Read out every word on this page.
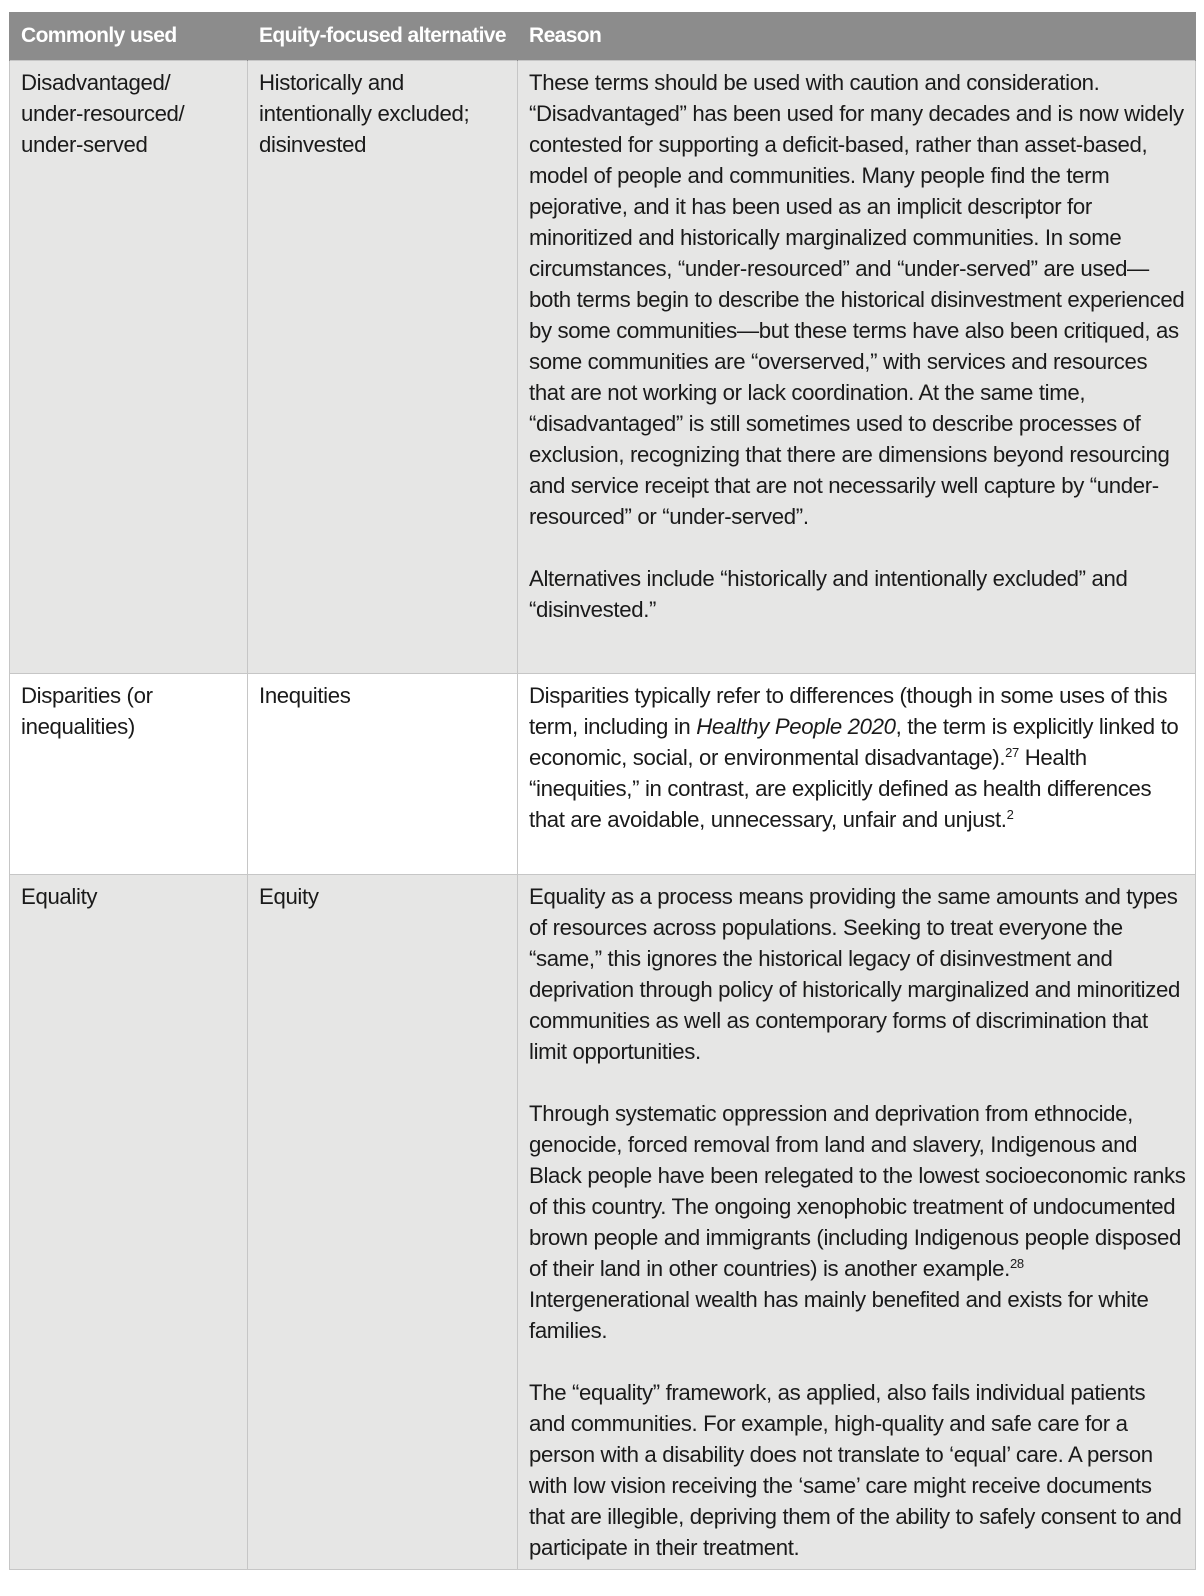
Commonly used	Equity-focused alternative	Reason
Disadvantaged/ under-resourced/ under-served	Historically and intentionally excluded; disinvested	These terms should be used with caution and consideration. “Disadvantaged” has been used for many decades and is now widely contested for supporting a deficit-based, rather than asset-based, model of people and communities. Many people find the term pejorative, and it has been used as an implicit descriptor for minoritized and historically marginalized communities. In some circumstances, “under-resourced” and “under-served” are used—both terms begin to describe the historical disinvestment experienced by some communities—but these terms have also been critiqued, as some communities are “overserved,” with services and resources that are not working or lack coordination. At the same time, “disadvantaged” is still sometimes used to describe processes of exclusion, recognizing that there are dimensions beyond resourcing and service receipt that are not necessarily well capture by “under-resourced” or “under-served”.

Alternatives include “historically and intentionally excluded” and “disinvested.”

Disparities (or inequalities)	Inequities	Disparities typically refer to differences (though in some uses of this term, including in Healthy People 2020, the term is explicitly linked to economic, social, or environmental disadvantage).$^{27}$ Health “inequities,” in contrast, are explicitly defined as health differences that are avoidable, unnecessary, unfair and unjust.$^2$

Equality	Equity	Equality as a process means providing the same amounts and types of resources across populations. Seeking to treat everyone the “same,” this ignores the historical legacy of disinvestment and deprivation through policy of historically marginalized and minoritized communities as well as contemporary forms of discrimination that limit opportunities.

Through systematic oppression and deprivation from ethnocide, genocide, forced removal from land and slavery, Indigenous and Black people have been relegated to the lowest socioeconomic ranks of this country. The ongoing xenophobic treatment of undocumented brown people and immigrants (including Indigenous people disposed of their land in other countries) is another example.$^{28}$ Intergenerational wealth has mainly benefited and exists for white families.

The “equality” framework, as applied, also fails individual patients and communities. For example, high-quality and safe care for a person with a disability does not translate to ‘equal’ care. A person with low vision receiving the ‘same’ care might receive documents that are illegible, depriving them of the ability to safely consent to and participate in their treatment.
